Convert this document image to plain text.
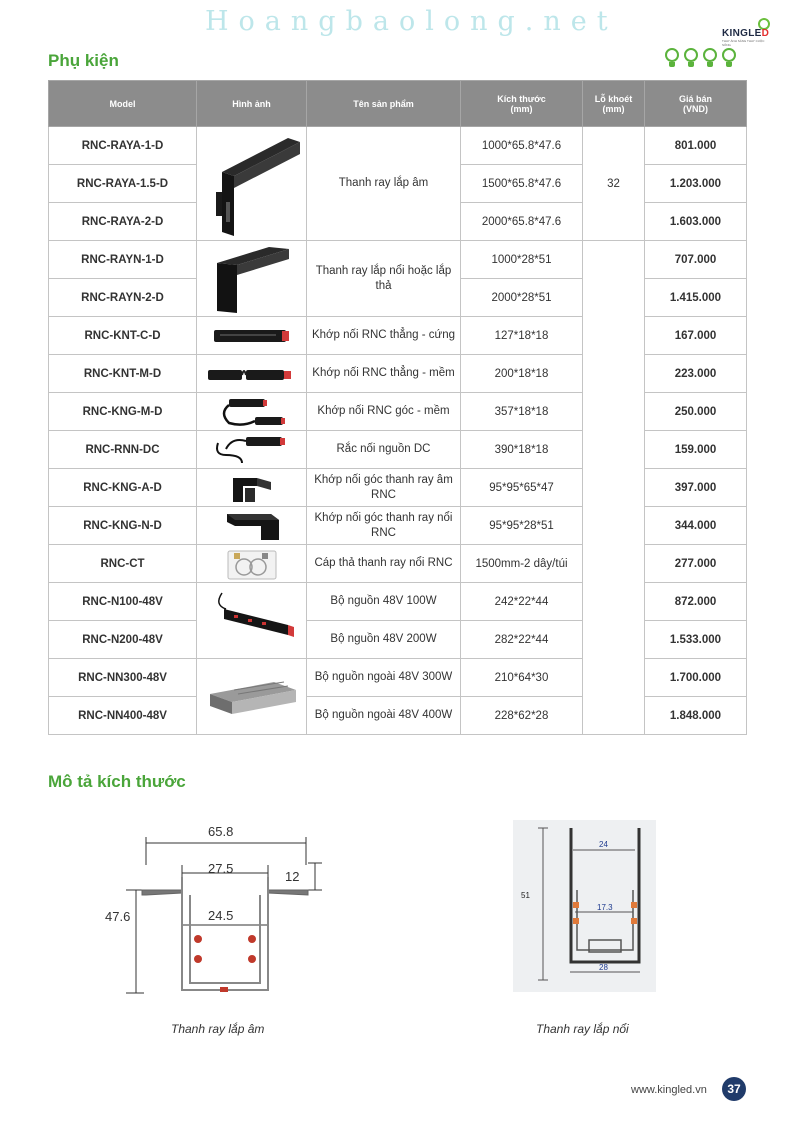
Hoangbaolong.net	KINGLED
THAY ÁNH SÁNG THAY CUỘC SỐNG
Phụ kiện
Model	Hình ảnh	Tên sản phẩm	Kích thước
(mm)	Lỗ khoét
(mm)	Giá bán
(VND)
RNC-RAYA-1-D		Thanh ray lắp âm	1000*65.8*47.6	32	801.000
RNC-RAYA-1.5-D			1500*65.8*47.6		1.203.000
RNC-RAYA-2-D			2000*65.8*47.6		1.603.000
RNC-RAYN-1-D		Thanh ray lắp nổi hoặc lắp thả	1000*28*51		707.000
RNC-RAYN-2-D			2000*28*51		1.415.000
RNC-KNT-C-D		Khớp nối RNC thẳng - cứng	127*18*18		167.000
RNC-KNT-M-D		Khớp nối RNC thẳng - mềm	200*18*18		223.000
RNC-KNG-M-D		Khớp nối RNC góc - mềm	357*18*18		250.000
RNC-RNN-DC		Rắc nối nguồn DC	390*18*18		159.000
RNC-KNG-A-D		Khớp nối góc thanh ray âm RNC	95*95*65*47		397.000
RNC-KNG-N-D		Khớp nối góc thanh ray nổi RNC	95*95*28*51		344.000
RNC-CT		Cáp thả thanh ray nổi RNC	1500mm-2 dây/túi		277.000
RNC-N100-48V		Bộ nguồn 48V 100W	242*22*44		872.000
RNC-N200-48V		Bộ nguồn 48V 200W	282*22*44		1.533.000
RNC-NN300-48V		Bộ nguồn ngoài 48V 300W	210*64*30		1.700.000
RNC-NN400-48V		Bộ nguồn ngoài 48V 400W	228*62*28		1.848.000
Mô tả kích thước
65.8
27.5
12
47.6	24.5
51
24
17.3
28
Thanh ray lắp âm	Thanh ray lắp nổi
www.kingled.vn	37
